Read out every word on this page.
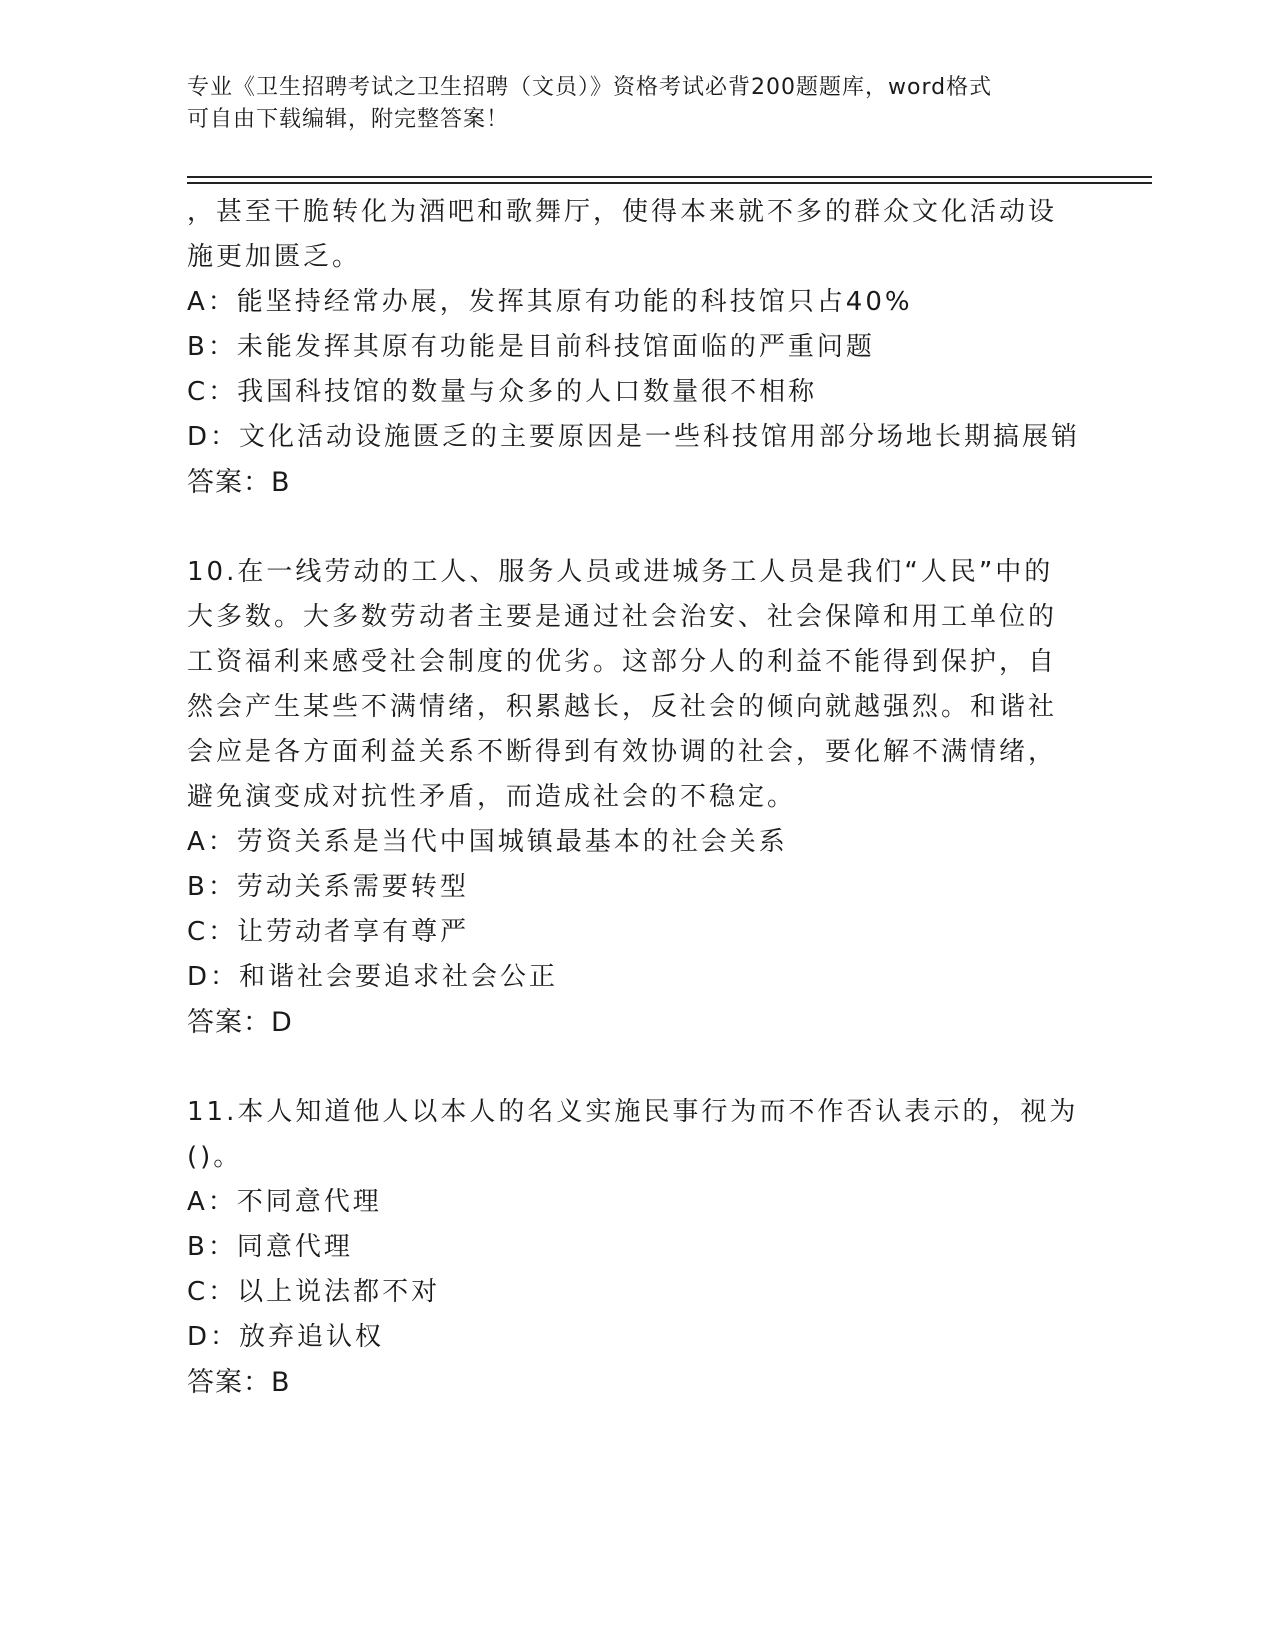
专业《卫生招聘考试之卫生招聘（文员）》资格考试必背200题题库，word格式
可自由下载编辑，附完整答案！

，甚至干脆转化为酒吧和歌舞厅，使得本来就不多的群众文化活动设

施更加匮乏。

A：能坚持经常办展，发挥其原有功能的科技馆只占40%

B：未能发挥其原有功能是目前科技馆面临的严重问题

C：我国科技馆的数量与众多的人口数量很不相称

D：文化活动设施匮乏的主要原因是一些科技馆用部分场地长期搞展销

答案：B

10.在一线劳动的工人、服务人员或进城务工人员是我们“人民”中的

大多数。大多数劳动者主要是通过社会治安、社会保障和用工单位的

工资福利来感受社会制度的优劣。这部分人的利益不能得到保护，自

然会产生某些不满情绪，积累越长，反社会的倾向就越强烈。和谐社

会应是各方面利益关系不断得到有效协调的社会，要化解不满情绪，

避免演变成对抗性矛盾，而造成社会的不稳定。

A：劳资关系是当代中国城镇最基本的社会关系

B：劳动关系需要转型

C：让劳动者享有尊严

D：和谐社会要追求社会公正

答案：D

11.本人知道他人以本人的名义实施民事行为而不作否认表示的，视为

()。

A：不同意代理

B：同意代理

C：以上说法都不对

D：放弃追认权

答案：B
